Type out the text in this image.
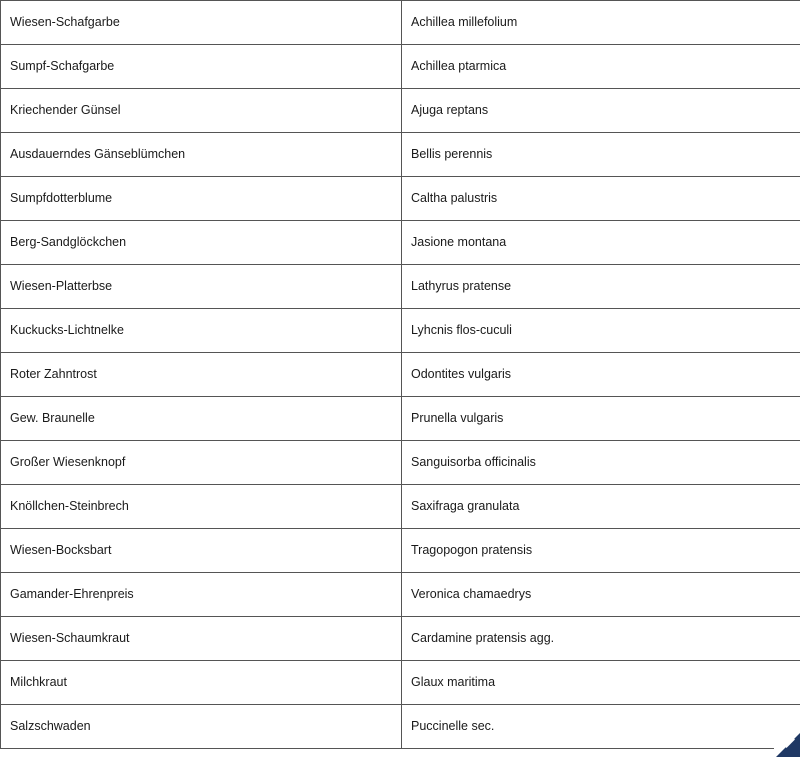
Wiesen-Schafgarbe	Achillea millefolium
Sumpf-Schafgarbe	Achillea ptarmica
Kriechender Günsel	Ajuga reptans
Ausdauerndes Gänseblümchen	Bellis perennis
Sumpfdotterblume	Caltha palustris
Berg-Sandglöckchen	Jasione montana
Wiesen-Platterbse	Lathyrus pratense
Kuckucks-Lichtnelke	Lyhcnis flos-cuculi
Roter Zahntrost	Odontites vulgaris
Gew. Braunelle	Prunella vulgaris
Großer Wiesenknopf	Sanguisorba officinalis
Knöllchen-Steinbrech	Saxifraga granulata
Wiesen-Bocksbart	Tragopogon pratensis
Gamander-Ehrenpreis	Veronica chamaedrys
Wiesen-Schaumkraut	Cardamine pratensis agg.
Milchkraut	Glaux maritima
Salzschwaden	Puccinelle sec.
